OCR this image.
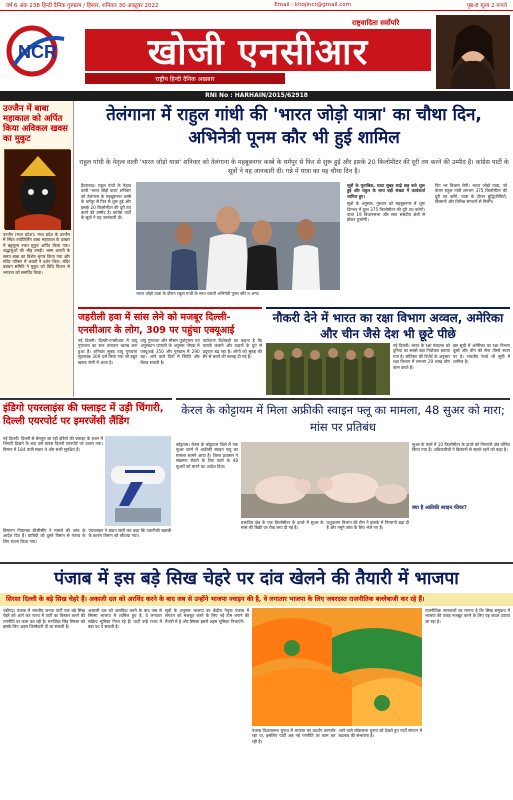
वर्ष 6 अंक 238 हिन्दी दैनिक गुरुग्राम / हिसार, शनिवार 30 अक्टूबर 2022	Email : khojincr@gmail.com	पृष्ठ-8 मूल्य 2 रूपये
NCR
राष्ट्रवादिता सर्वोपरि
खोजी एनसीआर
राष्ट्रीय हिन्दी दैनिक अखबार
RNI No : HARHAIN/2015/62918
उज्जैन में बाबा महाकाल को अर्पित किया अविकल खवस का मुकुट
उज्जैन (मध्य प्रदेश)। मध्य प्रदेश के उज्जैन में स्थित ज्योतिर्लिंग बाबा महाकाल के दरबार में बहुमूल्य रजत मुकुट अर्पित किया गया। श्रद्धालुओं की भीड़ उमड़ी। भस्म आरती के समय बाबा का विशेष श्रृंगार किया गया और मंदिर परिसर में भक्तों ने दर्शन किए। मंदिर प्रबंधन समिति ने मुकुट को विधि विधान से भगवान को समर्पित किया।
तेलंगाना में राहुल गांधी की 'भारत जोड़ो यात्रा' का चौथा दिन, अभिनेत्री पूनम कौर भी हुई शामिल
राहुल गांधी के नेतृत्व वाली 'भारत जोड़ो यात्रा' शनिवार को तेलंगाना के महबूबनगर कस्बे के धर्मपुर से फिर से शुरू हुई और इसके 20 किलोमीटर की दूरी तय करने की उम्मीद है। कांग्रेस पार्टी के सूत्रों ने यह जानकारी दी। गन्ने में यात्रा का यह चौथा दिन है।
हैदराबाद। राहुल गांधी के नेतृत्व वाली 'भारत जोड़ो यात्रा' शनिवार को तेलंगाना के महबूबनगर कस्बे के धर्मपुर से फिर से शुरू हुई और इसके 20 किलोमीटर की दूरी तय करने की उम्मीद है। कांग्रेस पार्टी के सूत्रों ने यह जानकारी दी।
भारत जोड़ो यात्रा के दौरान राहुल गांधी के साथ चलती अभिनेत्री पूनम कौर व अन्य।
सूत्रों के मुताबिक, यात्रा सुबह साढ़े छह बजे शुरू हुई और राहुल के साथ बड़ी संख्या में कार्यकर्ता शामिल हुए।
सूत्रों के अनुसार, गुरुवार को महबूबनगर में शुरू दिनभर में कुल 375 किलोमीटर की दूरी तय करेगी। यात्रा 19 विधानसभा और सात संसदीय क्षेत्रों से होकर गुजरेगी।
दिन भर विश्राम लेगी। भारत जोड़ो यात्रा, जो केरल राहुल गांधी लगभग 375 किलोमीटर की दूरी तय करेंगे, यात्रा के दौरान बुद्धिजीवियों, किसानों और विभिन्न संगठनों से मिलेंगे।
जहरीली हवा में सांस लेने को मजबूर दिल्ली-एनसीआर के लोग, 309 पर पहुंचा एक्यूआई
नई दिल्ली। दिल्ली-एनसीआर में वायु गुणवत्ता का स्तर लगातार खराब बना हुआ है। शनिवार सुबह वायु गुणवत्ता सूचकांक 309 दर्ज किया गया जो बहुत खराब श्रेणी में आता है।
वायु गुणवत्ता और मौसम पूर्वानुमान एवं अनुसंधान प्रणाली के अनुसार नोएडा में एक्यूआई 350 और गुरुग्राम में 290 रहा। आने वाले दिनों में स्थिति और बिगड़ सकती है।
पर्यावरण विशेषज्ञों का कहना है कि पराली जलाने और वाहनों के धुएं से प्रदूषण बढ़ रहा है। लोगों को सुबह की सैर से बचने की सलाह दी गई है।
नौकरी देने में भारत का रक्षा विभाग अव्वल, अमेरिका और चीन जैसे देश भी छूटे पीछे
नई दिल्ली। भारत के रक्षा मंत्रालय को दुनिया का सबसे बड़ा नियोक्ता बताया गया है। स्टेटिस्टा की रिपोर्ट के अनुसार रक्षा विभाग में लगभग 29 लाख लोग काम करते हैं।
इस सूची में अमेरिका का रक्षा विभाग दूसरे और चीन की सेना तीसरे स्थान पर है। भारतीय रेलवे भी सूची में शामिल है।
इंडिगो एयरलाइंस की फ्लाइट में उड़ी चिंगारी, दिल्ली एयरपोर्ट पर इमरजेंसी लैंडिंग
नई दिल्ली। दिल्ली से बेंगलुरु जा रही इंडिगो की फ्लाइट के इंजन में चिंगारी दिखने के बाद उसे वापस दिल्ली एयरपोर्ट पर उतारा गया। विमान में 184 यात्री सवार थे और सभी सुरक्षित हैं।
विमानन नियामक डीजीसीए ने मामले की जांच के आदेश दिए हैं। यात्रियों को दूसरे विमान से गंतव्य के लिए रवाना किया गया।
एयरलाइन ने बयान जारी कर कहा कि तकनीकी खराबी के कारण विमान को लौटाया गया।
केरल के कोट्टायम में मिला अफ्रीकी स्वाइन फ्लू का मामला, 48 सुअर को मारा; मांस पर प्रतिबंध
कोट्टायम। केरल के कोट्टायम जिले में एक सुअर फार्म में अफ्रीकी स्वाइन फ्लू का मामला सामने आया है। जिला प्रशासन ने संक्रमण रोकने के लिए फार्म के 48 सुअरों को मारने का आदेश दिया।
सुअर के फार्म में 10 किलोमीटर के दायरे को निगरानी क्षेत्र घोषित किया गया है। अधिकारियों ने किसानों से सतर्क रहने को कहा है।
क्या है अफ्रीकी स्वाइन फीवर?
प्रभावित क्षेत्र के एक किलोमीटर के दायरे में सुअर के मांस की बिक्री पर रोक लगा दी गई है।
पशुपालन विभाग की टीम ने इलाके में निगरानी बढ़ा दी है और नमूने जांच के लिए भेजे गए हैं।
पंजाब में इस बड़े सिख चेहरे पर दांव खेलने की तैयारी में भाजपा
सिरसा दिल्ली के बड़े सिख चेहरे हैं। अकाली दल को अरविंद करने के बाद जब से उन्होंने भाजपा ज्वाइन की है, वे लगातार भाजपा के लिए जबरदस्त राजनीतिक बल्लेबाजी कर रहे हैं।
चंडीगढ़। पंजाब में भारतीय जनता पार्टी एक बड़े सिख चेहरे को आगे कर राज्य में पार्टी का विस्तार करने की रणनीति पर काम कर रही है। मनजिंदर सिंह सिरसा को इसके लिए अहम जिम्मेदारी दी जा सकती है।
अकाली दल को अलविदा करने के बाद जब से सिरसा भाजपा में शामिल हुए हैं, वे लगातार सक्रिय भूमिका निभा रहे हैं। पार्टी उन्हें राज्य में बड़ा पद दे सकती है।
सूत्रों के अनुसार भाजपा का केंद्रीय नेतृत्व पंजाब में संगठन को मजबूत करने के लिए नई टीम बनाने की तैयारी में है और सिरसा इसमें अहम भूमिका निभाएंगे।
राजनीतिक जानकारों का मानना है कि सिख समुदाय में भाजपा की पकड़ मजबूत करने के लिए यह कदम उठाया जा रहा है।
पंजाब विधानसभा चुनाव में भाजपा का प्रदर्शन कमजोर रहा था, इसलिए पार्टी अब नई रणनीति पर काम कर रही है।
आने वाले लोकसभा चुनाव को देखते हुए पार्टी संगठन में बदलाव की संभावना है।
